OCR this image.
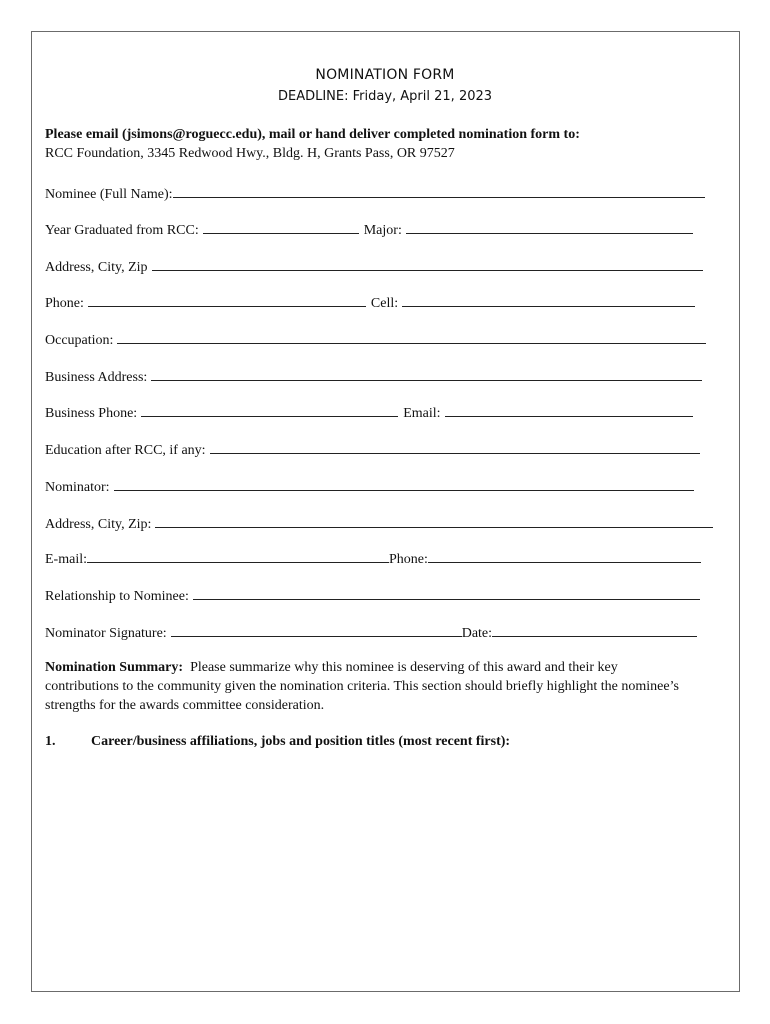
NOMINATION FORM
DEADLINE: Friday, April 21, 2023
Please email (jsimons@roguecc.edu), mail or hand deliver completed nomination form to:
RCC Foundation, 3345 Redwood Hwy., Bldg. H, Grants Pass, OR 97527
Nominee (Full Name):
Year Graduated from RCC:	Major:
Address, City, Zip
Phone:	Cell:
Occupation:
Business Address:
Business Phone:	Email:
Education after RCC, if any:
Nominator:
Address, City, Zip:
E-mail:	Phone:
Relationship to Nominee:
Nominator Signature:	Date:
Nomination Summary: Please summarize why this nominee is deserving of this award and their key contributions to the community given the nomination criteria. This section should briefly highlight the nominee’s strengths for the awards committee consideration.
1.	Career/business affiliations, jobs and position titles (most recent first):
